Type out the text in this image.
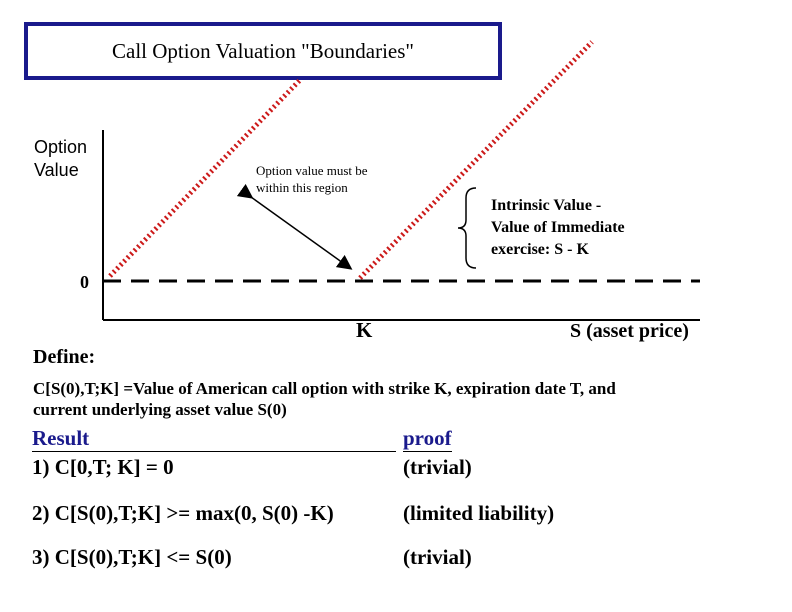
Call Option Valuation "Boundaries"
Option
Value
0
Option value must be
within this region
Intrinsic Value -
Value of Immediate
exercise: S - K
K	S (asset price)
Define:
C[S(0),T;K] =Value of American call option with strike K, expiration date T, and
current underlying asset value S(0)
Result	proof
1) C[0,T; K] = 0	(trivial)
2) C[S(0),T;K] >= max(0, S(0) -K)	(limited liability)
3) C[S(0),T;K] <= S(0)	(trivial)
